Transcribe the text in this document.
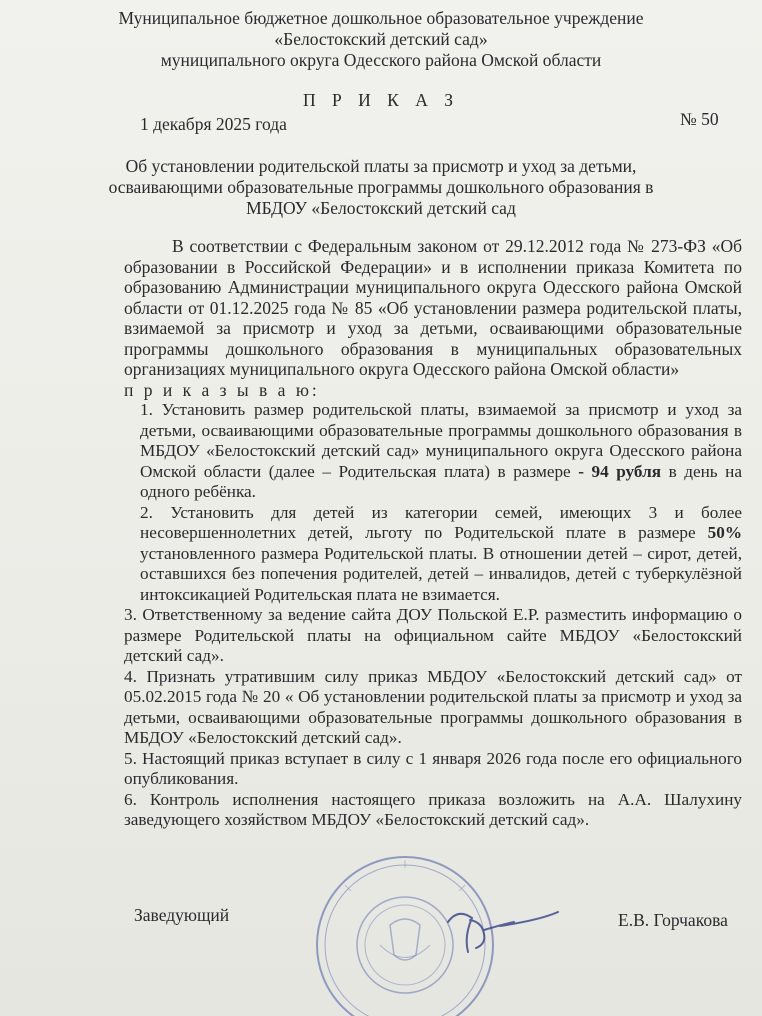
Муниципальное бюджетное дошкольное образовательное учреждение
«Белостокский детский сад»
муниципального округа Одесского района Омской области
П Р И К А З
1 декабря 2025 года	№ 50
Об установлении родительской платы за присмотр и уход за детьми,
осваивающими образовательные программы дошкольного образования в
МБДОУ «Белостокский детский сад

В соответствии с Федеральным законом от 29.12.2012 года № 273-ФЗ «Об образовании в Российской Федерации» и в исполнении приказа Комитета по образованию Администрации муниципального округа Одесского района Омской области от 01.12.2025 года № 85 «Об установлении размера родительской платы, взимаемой за присмотр и уход за детьми, осваивающими образовательные программы дошкольного образования в муниципальных образовательных организациях муниципального округа Одесского района Омской области»

п р и к а з ы в а ю:
1. Установить размер родительской платы, взимаемой за присмотр и уход за детьми, осваивающими образовательные программы дошкольного образования в МБДОУ «Белостокский детский сад» муниципального округа Одесского района Омской области (далее – Родительская плата) в размере - 94 рубля в день на одного ребёнка.
2. Установить для детей из категории семей, имеющих 3 и более несовершеннолетних детей, льготу по Родительской плате в размере 50% установленного размера Родительской платы. В отношении детей – сирот, детей, оставшихся без попечения родителей, детей – инвалидов, детей с туберкулёзной интоксикацией Родительская плата не взимается.
3. Ответственному за ведение сайта ДОУ Польской Е.Р. разместить информацию о размере Родительской платы на официальном сайте МБДОУ «Белостокский детский сад».
4. Признать утратившим силу приказ МБДОУ «Белостокский детский сад» от 05.02.2015 года № 20 « Об установлении родительской платы за присмотр и уход за детьми, осваивающими образовательные программы дошкольного образования в МБДОУ «Белостокский детский сад».
5. Настоящий приказ вступает в силу с 1 января 2026 года после его официального опубликования.
6. Контроль исполнения настоящего приказа возложить на А.А. Шалухину заведующего хозяйством МБДОУ «Белостокский детский сад».
Заведующий	Е.В. Горчакова
